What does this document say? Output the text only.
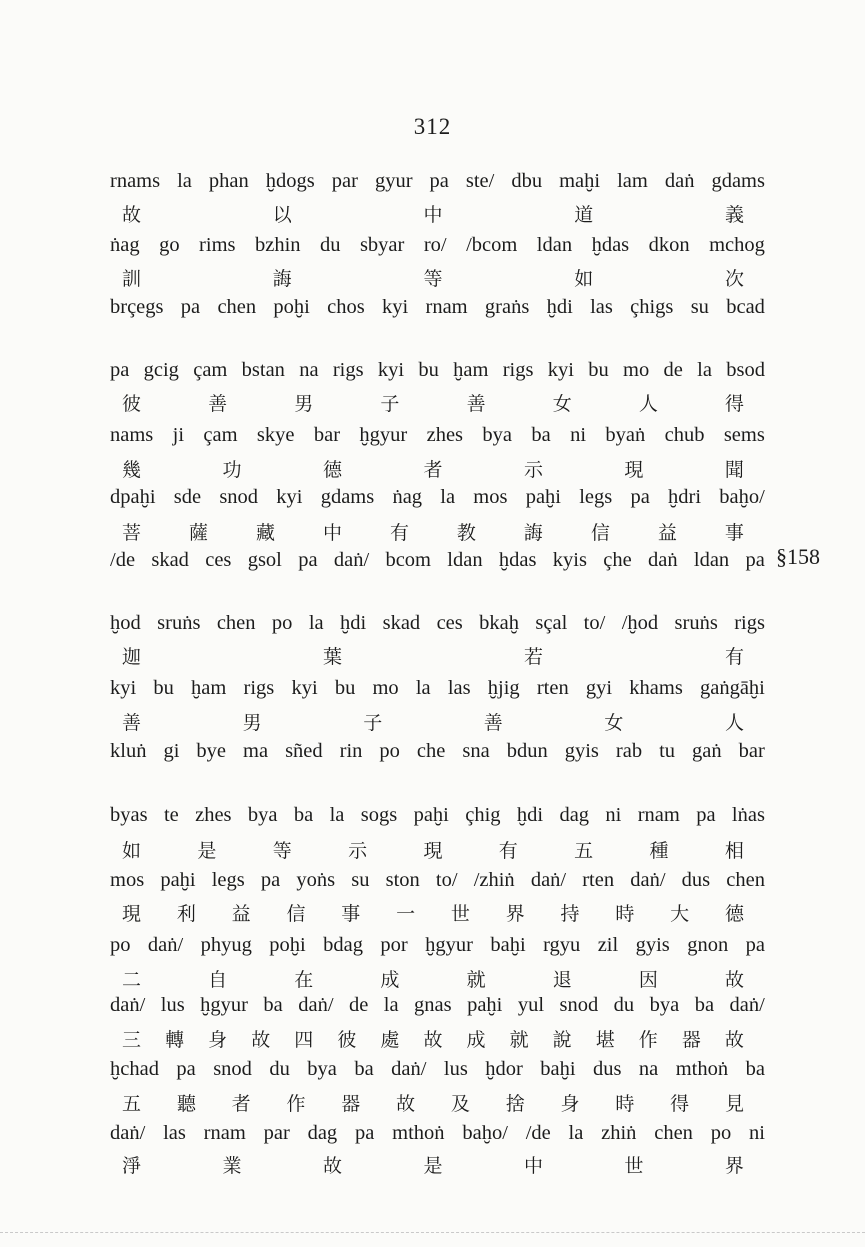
312
§158
rnams la phan ḫdogs par gyur pa ste/ dbu maḫi lam daṅ gdams
故	以	中	道	義
ṅag go rims bzhin du sbyar ro/ /bcom ldan ḫdas dkon mchog
訓	誨	等	如	次
brçegs pa chen poḫi chos kyi rnam graṅs ḫdi las çhigs su bcad
pa gcig çam bstan na rigs kyi bu ḫam rigs kyi bu mo de la bsod
彼	善	男	子	善	女	人	得
nams ji çam skye bar ḫgyur zhes bya ba ni byaṅ chub sems
幾	功	德	者	示	現	聞
dpaḫi sde snod kyi gdams ṅag la mos paḫi legs pa ḫdri baḫo/
菩	薩	藏	中	有	教	誨	信	益	事
/de skad ces gsol pa daṅ/ bcom ldan ḫdas kyis çhe daṅ ldan pa
ḫod sruṅs chen po la ḫdi skad ces bkaḫ sçal to/ /ḫod sruṅs rigs
迦	葉	若	有
kyi bu ḫam rigs kyi bu mo la las ḫjig rten gyi khams gaṅgāḫi
善	男	子	善	女	人
kluṅ gi bye ma sñed rin po che sna bdun gyis rab tu gaṅ bar
byas te zhes bya ba la sogs paḫi çhig ḫdi dag ni rnam pa lṅas
如	是	等	示	現	有	五	種	相
mos paḫi legs pa yoṅs su ston to/ /zhiṅ daṅ/ rten daṅ/ dus chen
現 利 益 信 事 一 世 界 持 時 大 德
po daṅ/ phyug poḫi bdag por ḫgyur baḫi rgyu zil gyis gnon pa
二	自	在	成	就	退	因	故
daṅ/ lus ḫgyur ba daṅ/ de la gnas paḫi yul snod du bya ba daṅ/
三 轉 身 故 四 彼 處 故 成 就 說 堪 作 器 故
ḫchad pa snod du bya ba daṅ/ lus ḫdor baḫi dus na mthoṅ ba
五 聽 者 作 器 故 及 捨 身 時 得 見
daṅ/ las rnam par dag pa mthoṅ baḫo/ /de la zhiṅ chen po ni
淨	業	故	是	中	世	界
